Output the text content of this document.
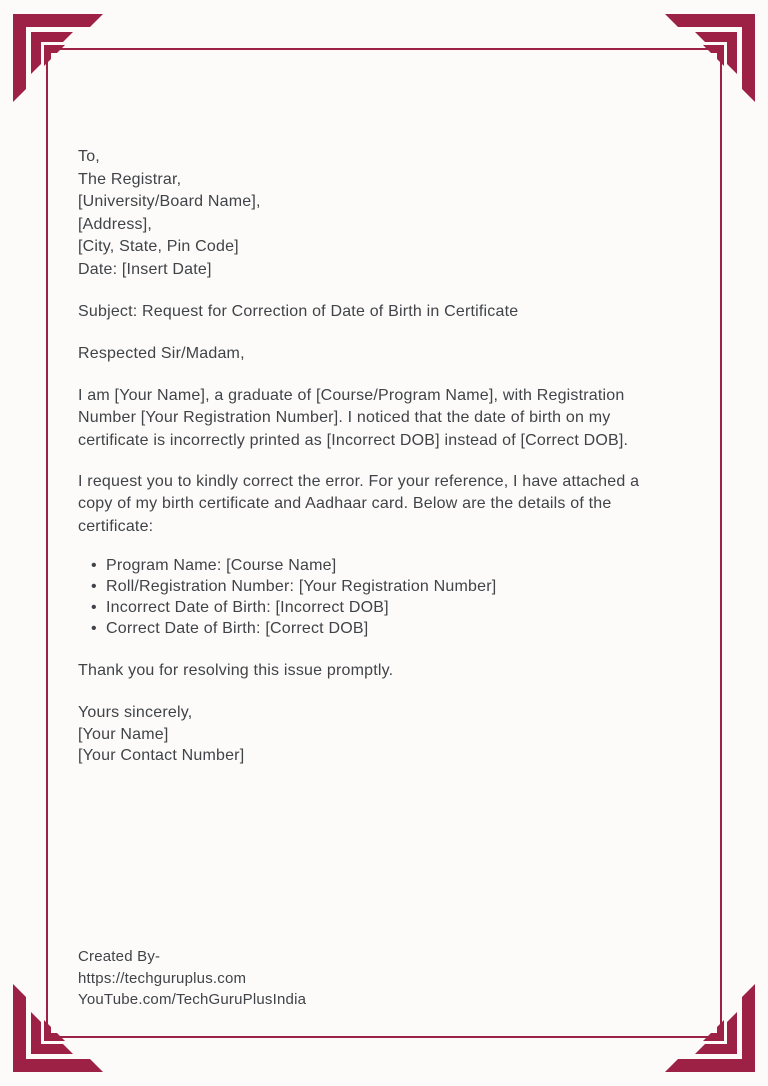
To,
The Registrar,
[University/Board Name],
[Address],
[City, State, Pin Code]
Date: [Insert Date]
Subject: Request for Correction of Date of Birth in Certificate
Respected Sir/Madam,
I am [Your Name], a graduate of [Course/Program Name], with Registration
Number [Your Registration Number]. I noticed that the date of birth on my
certificate is incorrectly printed as [Incorrect DOB] instead of [Correct DOB].
I request you to kindly correct the error. For your reference, I have attached a
copy of my birth certificate and Aadhaar card. Below are the details of the
certificate:
• Program Name: [Course Name]
• Roll/Registration Number: [Your Registration Number]
• Incorrect Date of Birth: [Incorrect DOB]
• Correct Date of Birth: [Correct DOB]
Thank you for resolving this issue promptly.
Yours sincerely,
[Your Name]
[Your Contact Number]
Created By-
https://techguruplus.com
YouTube.com/TechGuruPlusIndia
